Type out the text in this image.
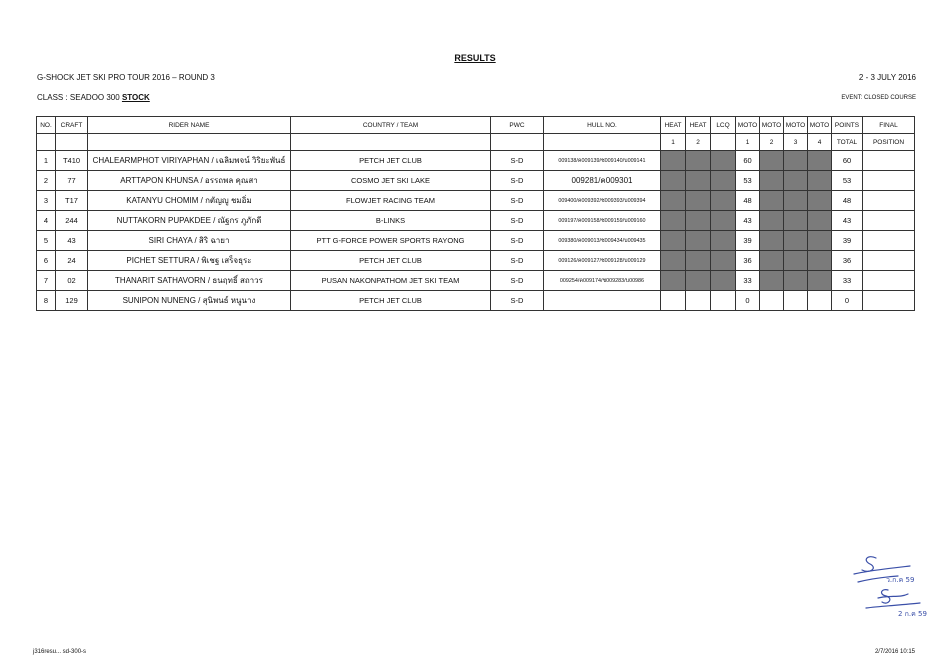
RESULTS
G-SHOCK JET SKI PRO TOUR 2016 – ROUND 3	2 - 3 JULY 2016
CLASS : SEADOO 300 STOCK	EVENT: CLOSED COURSE
NO.	CRAFT	RIDER NAME	COUNTRY / TEAM	PWC	HULL NO.	HEAT	HEAT	LCQ	MOTO	MOTO	MOTO	MOTO	POINTS	FINAL
						1	2		1	2	3	4	TOTAL	POSITION
1	T410	CHALEARMPHOT VIRIYAPHAN / เฉลิมพจน์ วิริยะพันธ์	PETCH JET CLUB	S-D	009138/ค009139/ช009140/บ009141				60				60	
2	77	ARTTAPON KHUNSA / อรรถพล คุณสา	COSMO JET SKI LAKE	S-D	009281/ค009301				53				53	
3	T17	KATANYU CHOMIM / กตัญญู ชมอิ่ม	FLOWJET RACING TEAM	S-D	009400/ค009392/ช009393/บ009394				48				48	
4	244	NUTTAKORN PUPAKDEE / ณัฐกร ภูภักดี	B-LINKS	S-D	009197/ค009158/ช009159/บ009160				43				43	
5	43	SIRI CHAYA / สิริ ฉายา	PTT G-FORCE POWER SPORTS RAYONG	S-D	009380/ค009013/ช009434/บ009435				39				39	
6	24	PICHET SETTURA / พิเชฐ เสร็จธุระ	PETCH JET CLUB	S-D	009126/ค009127/ช009128/บ009129				36				36	
7	02	THANARIT SATHAVORN / ธนฤทธิ์ สถาวร	PUSAN NAKONPATHOM JET SKI TEAM	S-D	009254/ค009174/ช009283/บ00986				33				33	
8	129	SUNIPON NUNENG / สุนิพนธ์ หนูนาง	PETCH JET CLUB	S-D					0				0	
ว.ก.ค 59
2 ก.ค 59
j316resu... sd-300-s	2/7/2016 10:15
